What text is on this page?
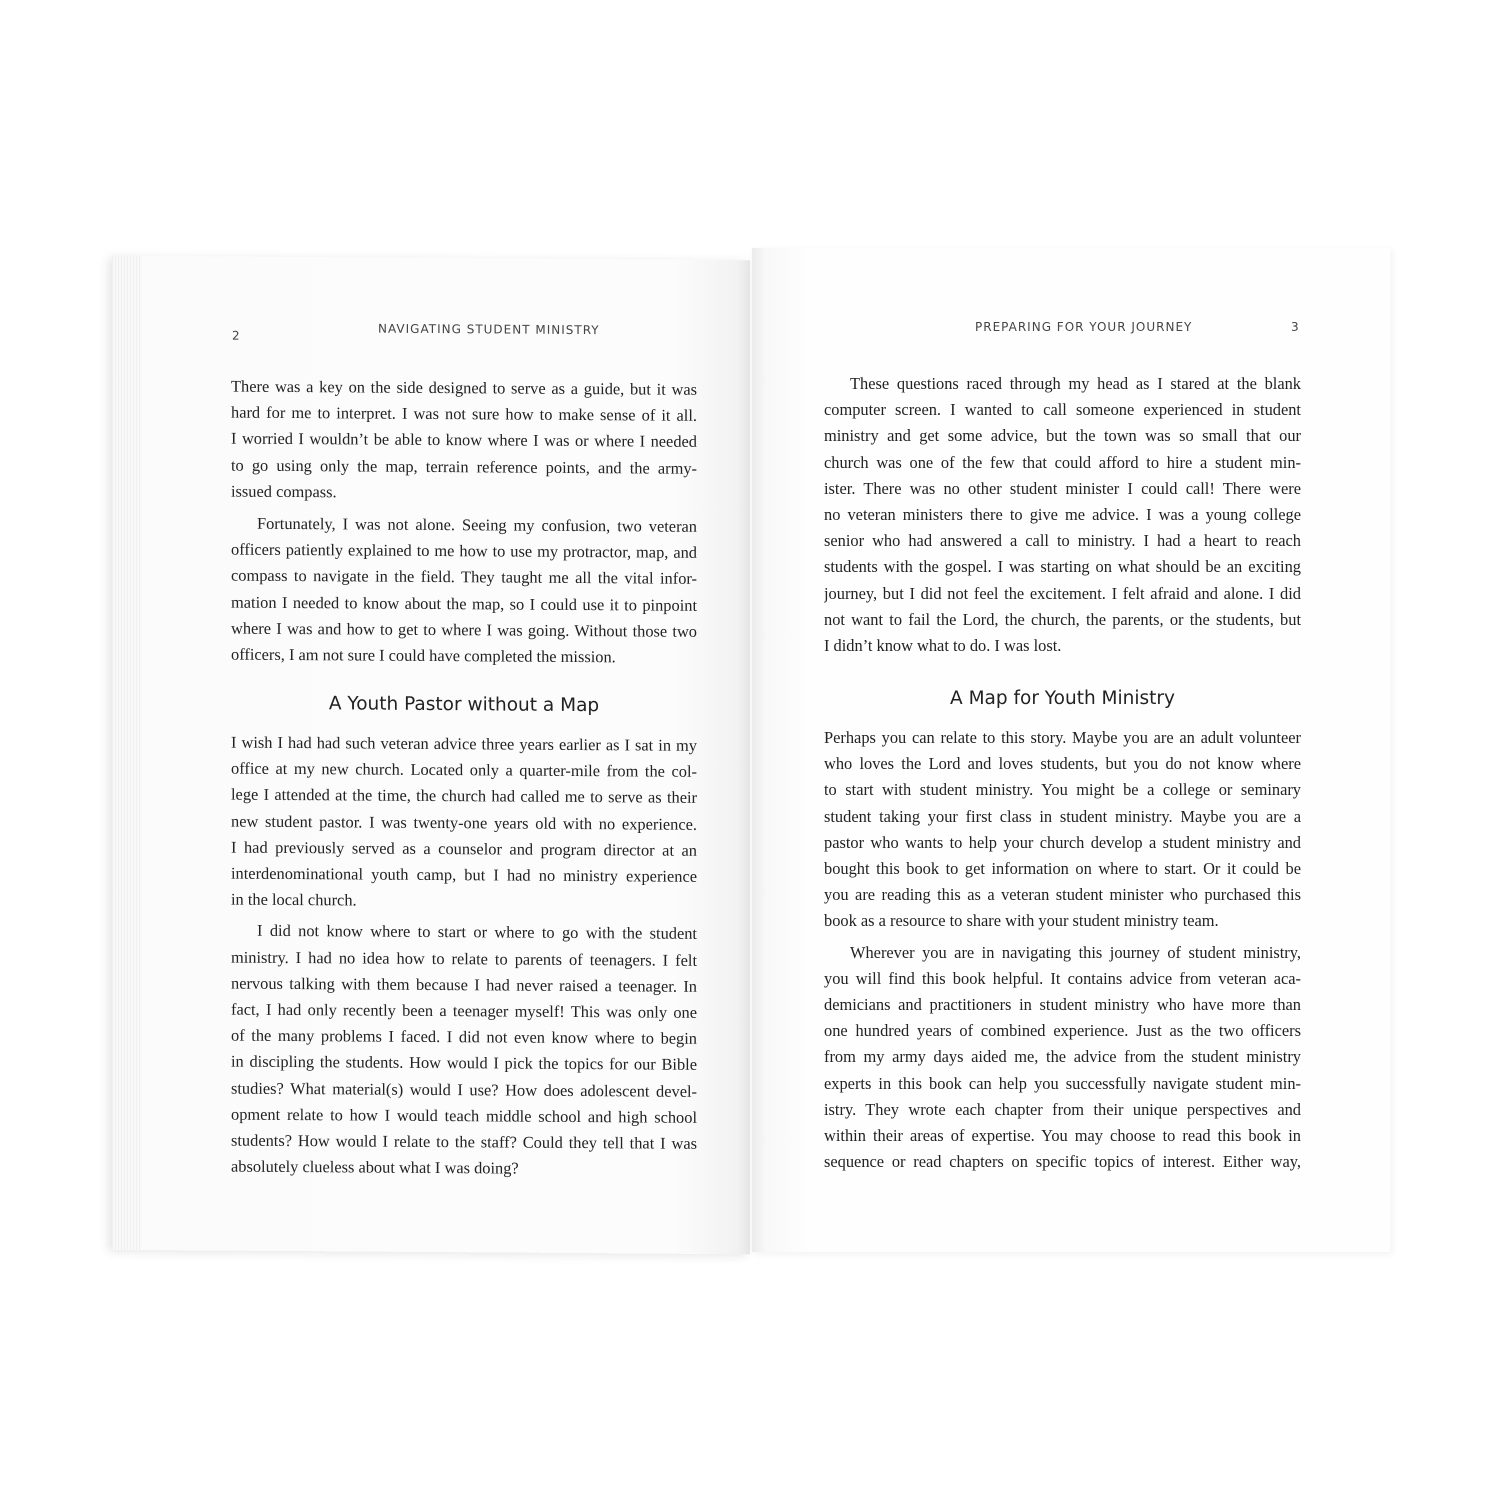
2	NAVIGATING STUDENT MINISTRY
There was a key on the side designed to serve as a guide, but it was
hard for me to interpret. I was not sure how to make sense of it all.
I worried I wouldn’t be able to know where I was or where I needed
to go using only the map, terrain reference points, and the army-
issued compass.
Fortunately, I was not alone. Seeing my confusion, two veteran
officers patiently explained to me how to use my protractor, map, and
compass to navigate in the field. They taught me all the vital infor-
mation I needed to know about the map, so I could use it to pinpoint
where I was and how to get to where I was going. Without those two
officers, I am not sure I could have completed the mission.
A Youth Pastor without a Map
I wish I had had such veteran advice three years earlier as I sat in my
office at my new church. Located only a quarter-mile from the col-
lege I attended at the time, the church had called me to serve as their
new student pastor. I was twenty-one years old with no experience.
I had previously served as a counselor and program director at an
interdenominational youth camp, but I had no ministry experience
in the local church.
I did not know where to start or where to go with the student
ministry. I had no idea how to relate to parents of teenagers. I felt
nervous talking with them because I had never raised a teenager. In
fact, I had only recently been a teenager myself! This was only one
of the many problems I faced. I did not even know where to begin
in discipling the students. How would I pick the topics for our Bible
studies? What material(s) would I use? How does adolescent devel-
opment relate to how I would teach middle school and high school
students? How would I relate to the staff? Could they tell that I was
absolutely clueless about what I was doing?
PREPARING FOR YOUR JOURNEY	3
These questions raced through my head as I stared at the blank
computer screen. I wanted to call someone experienced in student
ministry and get some advice, but the town was so small that our
church was one of the few that could afford to hire a student min-
ister. There was no other student minister I could call! There were
no veteran ministers there to give me advice. I was a young college
senior who had answered a call to ministry. I had a heart to reach
students with the gospel. I was starting on what should be an exciting
journey, but I did not feel the excitement. I felt afraid and alone. I did
not want to fail the Lord, the church, the parents, or the students, but
I didn’t know what to do. I was lost.
A Map for Youth Ministry
Perhaps you can relate to this story. Maybe you are an adult volunteer
who loves the Lord and loves students, but you do not know where
to start with student ministry. You might be a college or seminary
student taking your first class in student ministry. Maybe you are a
pastor who wants to help your church develop a student ministry and
bought this book to get information on where to start. Or it could be
you are reading this as a veteran student minister who purchased this
book as a resource to share with your student ministry team.
Wherever you are in navigating this journey of student ministry,
you will find this book helpful. It contains advice from veteran aca-
demicians and practitioners in student ministry who have more than
one hundred years of combined experience. Just as the two officers
from my army days aided me, the advice from the student ministry
experts in this book can help you successfully navigate student min-
istry. They wrote each chapter from their unique perspectives and
within their areas of expertise. You may choose to read this book in
sequence or read chapters on specific topics of interest. Either way,
